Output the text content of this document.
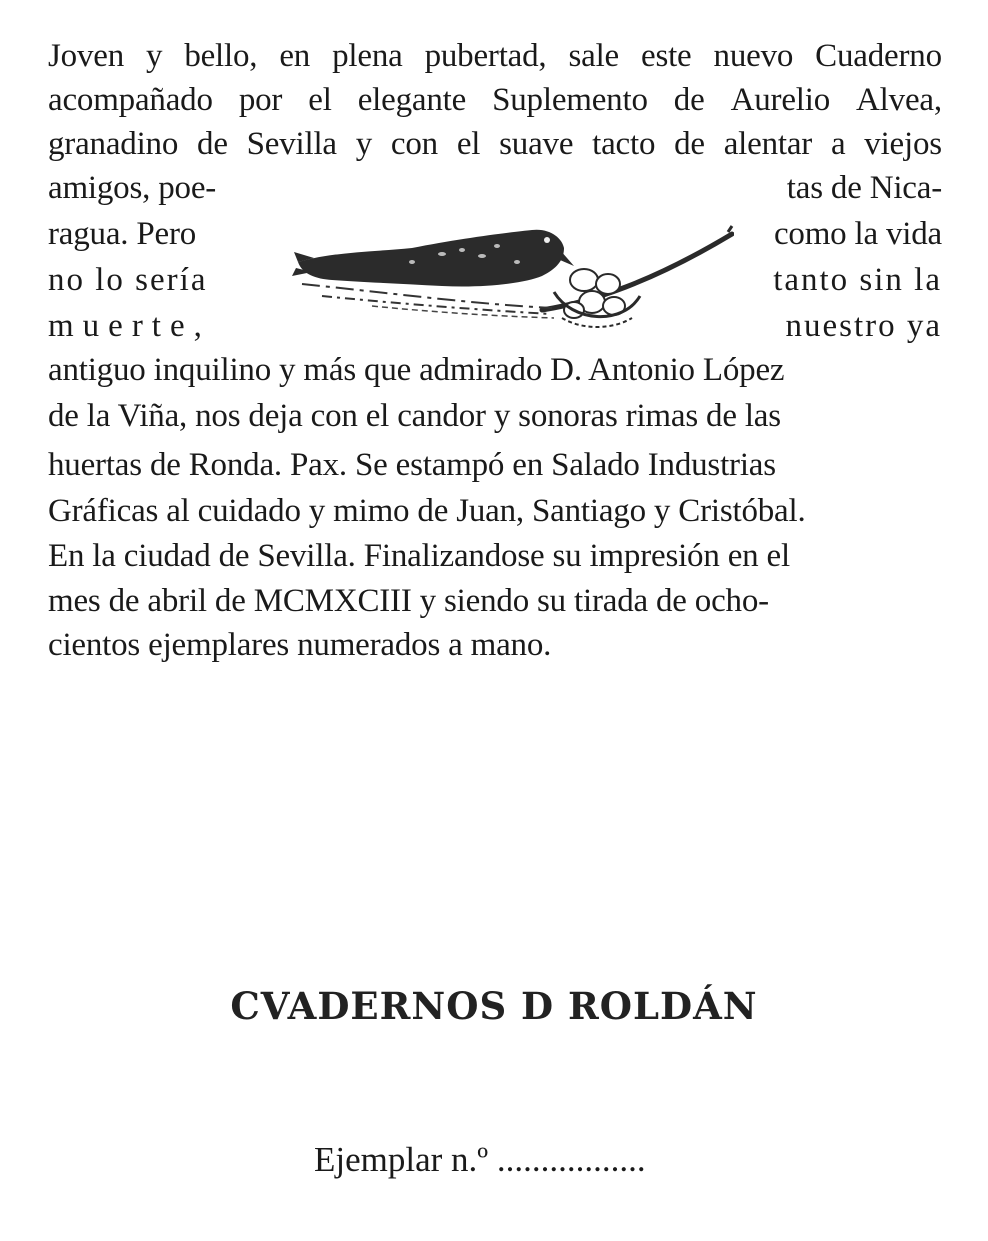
Joven y bello, en plena pubertad, sale este nuevo Cuaderno
acompañado por el elegante Suplemento de Aurelio Alvea,
granadino de Sevilla y con el suave tacto de alentar a viejos
amigos, poe-	tas de Nica-
ragua. Pero	como la vida
no lo sería	tanto sin la
muerte,	nuestro ya
antiguo inquilino y más que admirado D. Antonio López
de la Viña, nos deja con el candor y sonoras rimas de las
huertas de Ronda. Pax. Se estampó en Salado Industrias
Gráficas al cuidado y mimo de Juan, Santiago y Cristóbal.
En la ciudad de Sevilla. Finalizandose su impresión en el
mes de abril de MCMXCIII y siendo su tirada de ocho-
cientos ejemplares numerados a mano.
CVADERNOS D ROLDÁN
Ejemplar n.º .................
